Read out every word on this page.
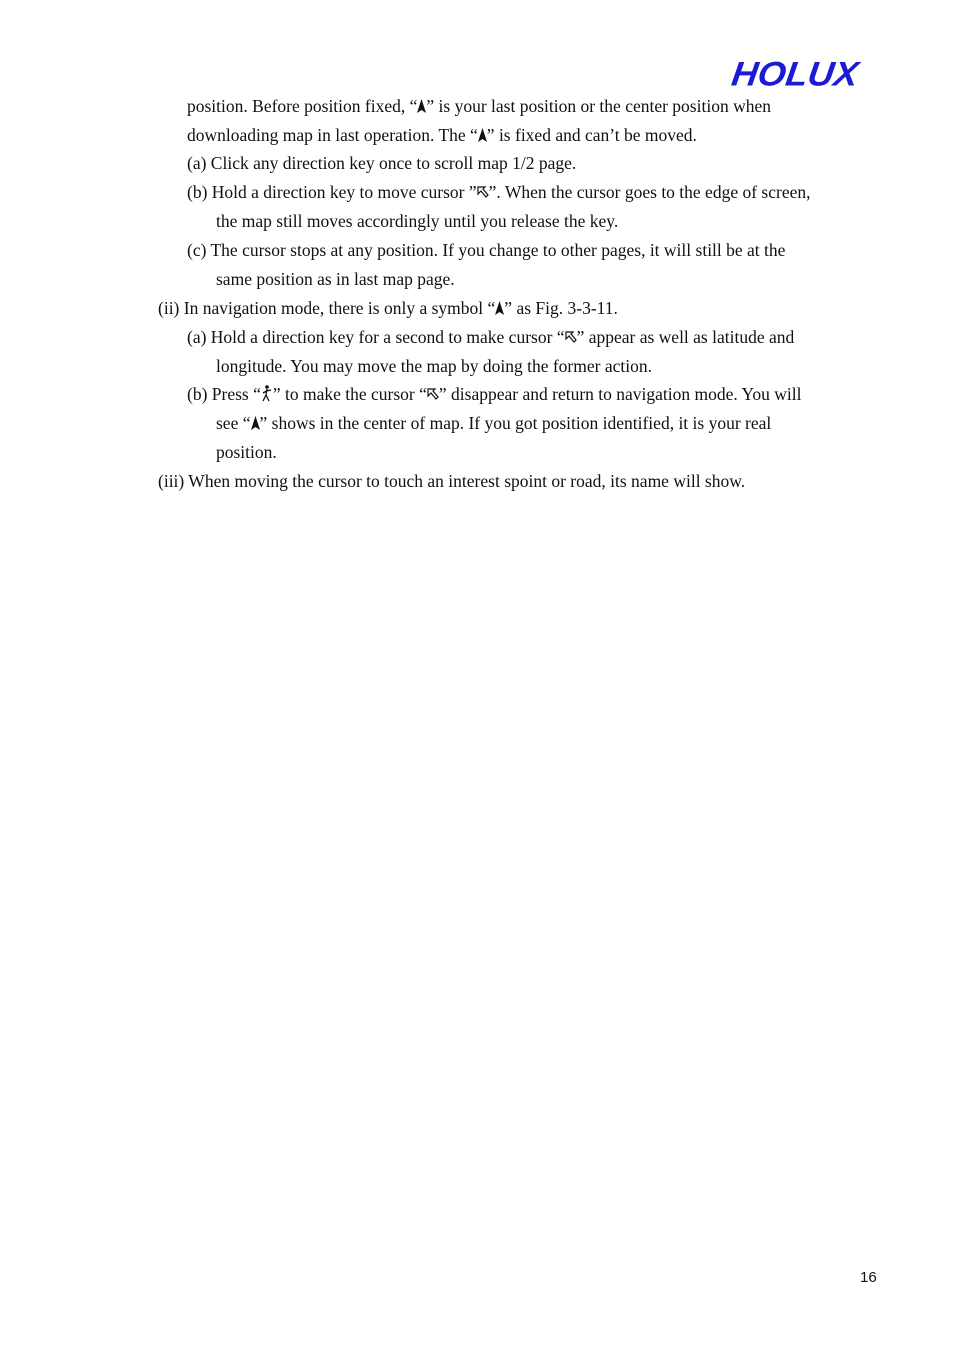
HOLUX

position. Before position fixed, “ ” is your last position or the center position when

downloading map in last operation. The “ ” is fixed and can’t be moved.

(a) Click any direction key once to scroll map 1/2 page.

(b) Hold a direction key to move cursor ” ”. When the cursor goes to the edge of screen,

the map still moves accordingly until you release the key.

(c) The cursor stops at any position. If you change to other pages, it will still be at the

same position as in last map page.

(ii) In navigation mode, there is only a symbol “ ” as Fig. 3-3-11.

(a) Hold a direction key for a second to make cursor “ ” appear as well as latitude and

longitude. You may move the map by doing the former action.

(b) Press “ ” to make the cursor “ ” disappear and return to navigation mode. You will

see “ ” shows in the center of map. If you got position identified, it is your real

position.

(iii) When moving the cursor to touch an interest spoint or road, its name will show.

16
